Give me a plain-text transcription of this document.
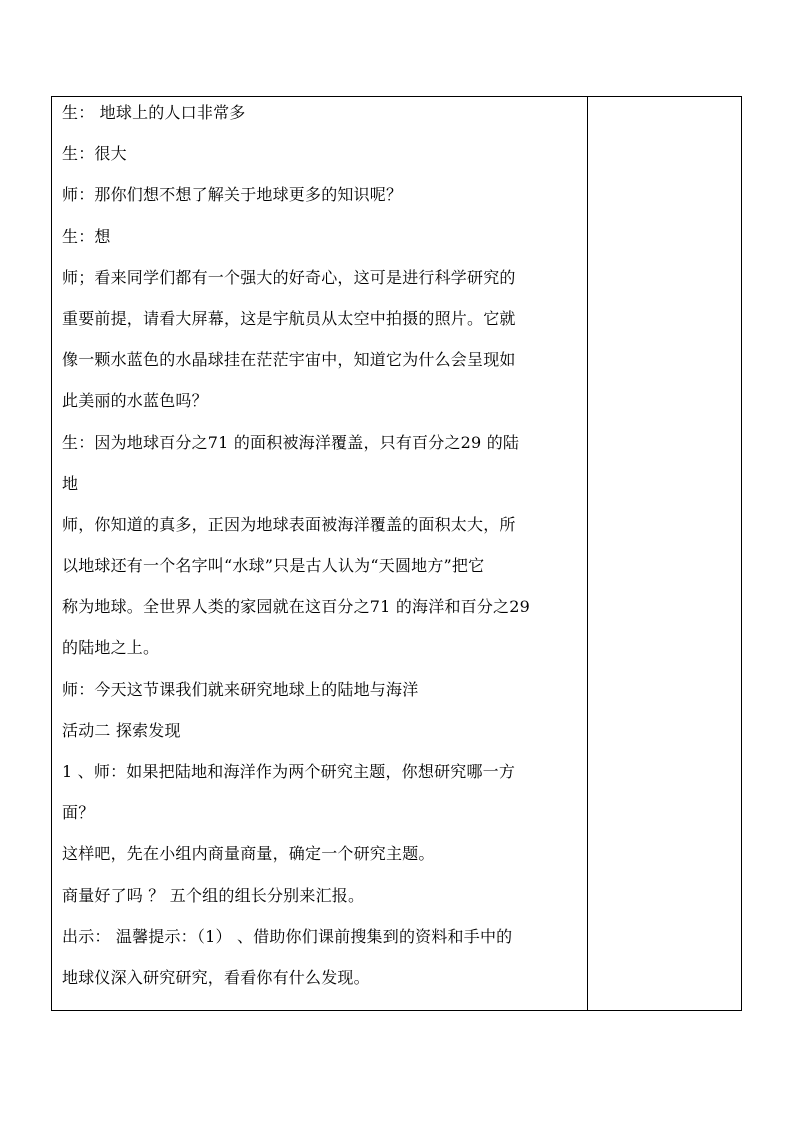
生： 地球上的人口非常多

生：很大

师：那你们想不想了解关于地球更多的知识呢？

生：想

师；看来同学们都有一个强大的好奇心，这可是进行科学研究的

重要前提，请看大屏幕，这是宇航员从太空中拍摄的照片。它就

像一颗水蓝色的水晶球挂在茫茫宇宙中，知道它为什么会呈现如

此美丽的水蓝色吗？

生：因为地球百分之71 的面积被海洋覆盖，只有百分之29 的陆

地

师，你知道的真多，正因为地球表面被海洋覆盖的面积太大，所

以地球还有一个名字叫“水球”只是古人认为“天圆地方”把它

称为地球。全世界人类的家园就在这百分之71 的海洋和百分之29

的陆地之上。

师：今天这节课我们就来研究地球上的陆地与海洋

活动二 探索发现

1 、师：如果把陆地和海洋作为两个研究主题，你想研究哪一方

面？

这样吧，先在小组内商量商量，确定一个研究主题。

商量好了吗 ？ 五个组的组长分别来汇报。

出示： 温馨提示：（1） 、借助你们课前搜集到的资料和手中的

地球仪深入研究研究，看看你有什么发现。
